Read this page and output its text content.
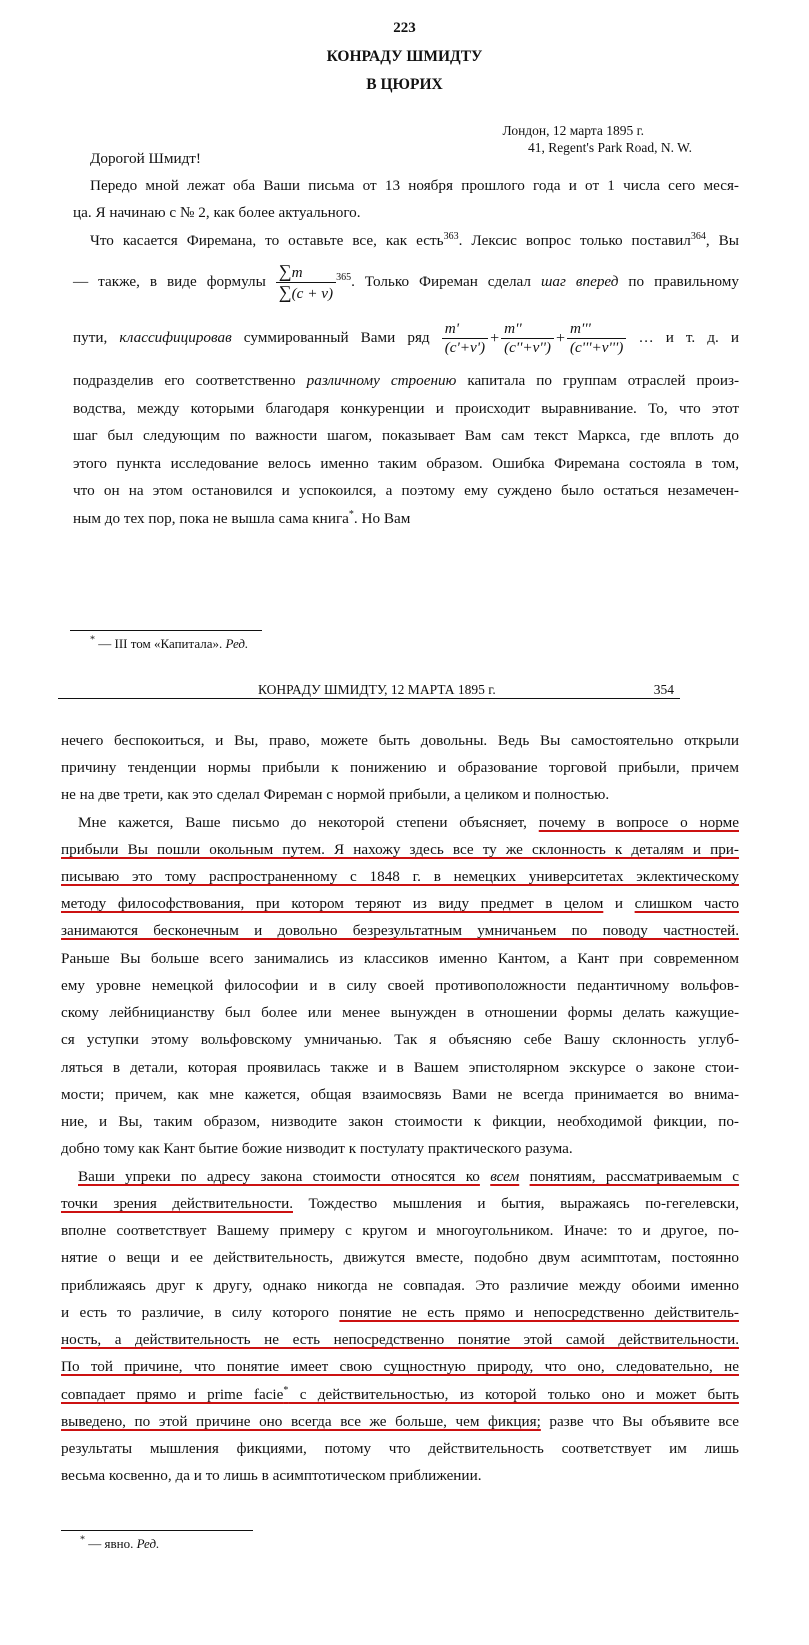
223
КОНРАДУ ШМИДТУ
В ЦЮРИХ
Лондон, 12 марта 1895 г.
41, Regent's Park Road, N. W.
Дорогой Шмидт!
Передо мной лежат оба Ваши письма от 13 ноября прошлого года и от 1 числа сего меся-
ца. Я начинаю с № 2, как более актуального.
Что касается Фиремана, то оставьте все, как есть$^{363}$. Лексис вопрос только поставил$^{364}$, Вы
— также, в виде формулы $\frac{\sum m}{\sum(c + v)} ^{365}$. Только Фиреман сделал шаг вперед по правильному
пути, классифицировав суммированный Вами ряд $\frac{m'}{(c'+v')} + \frac{m''}{(c''+v'')} + \frac{m'''}{(c'''+v''')}$ … и т. д. и
подразделив его соответственно различному строению капитала по группам отраслей произ-
водства, между которыми благодаря конкуренции и происходит выравнивание. То, что этот
шаг был следующим по важности шагом, показывает Вам сам текст Маркса, где вплоть до
этого пункта исследование велось именно таким образом. Ошибка Фиремана состояла в том,
что он на этом остановился и успокоился, а поэтому ему суждено было остаться незамечен-
ным до тех пор, пока не вышла сама книга*. Но Вам
* — III том «Капитала». Ред.
КОНРАДУ ШМИДТУ, 12 МАРТА 1895 г.	354
нечего беспокоиться, и Вы, право, можете быть довольны. Ведь Вы самостоятельно открыли
причину тенденции нормы прибыли к понижению и образование торговой прибыли, причем
не на две трети, как это сделал Фиреман с нормой прибыли, а целиком и полностью.
Мне кажется, Ваше письмо до некоторой степени объясняет, почему в вопросе о норме
прибыли Вы пошли окольным путем. Я нахожу здесь все ту же склонность к деталям и при-
писываю это тому распространенному с 1848 г. в немецких университетах эклектическому
методу философствования, при котором теряют из виду предмет в целом и слишком часто
занимаются бесконечным и довольно безрезультатным умничаньем по поводу частностей.
Раньше Вы больше всего занимались из классиков именно Кантом, а Кант при современном
ему уровне немецкой философии и в силу своей противоположности педантичному вольфов-
скому лейбницианству был более или менее вынужден в отношении формы делать кажущие-
ся уступки этому вольфовскому умничанью. Так я объясняю себе Вашу склонность углуб-
ляться в детали, которая проявилась также и в Вашем эпистолярном экскурсе о законе стои-
мости; причем, как мне кажется, общая взаимосвязь Вами не всегда принимается во внима-
ние, и Вы, таким образом, низводите закон стоимости к фикции, необходимой фикции, по-
добно тому как Кант бытие божие низводит к постулату практического разума.
Ваши упреки по адресу закона стоимости относятся ко всем понятиям, рассматриваемым с
точки зрения действительности. Тождество мышления и бытия, выражаясь по-гегелевски,
вполне соответствует Вашему примеру с кругом и многоугольником. Иначе: то и другое, по-
нятие о вещи и ее действительность, движутся вместе, подобно двум асимптотам, постоянно
приближаясь друг к другу, однако никогда не совпадая. Это различие между обоими именно
и есть то различие, в силу которого понятие не есть прямо и непосредственно действитель-
ность, а действительность не есть непосредственно понятие этой самой действительности.
По той причине, что понятие имеет свою сущностную природу, что оно, следовательно, не
совпадает прямо и prime facie* с действительностью, из которой только оно и может быть
выведено, по этой причине оно всегда все же больше, чем фикция; разве что Вы объявите все
результаты мышления фикциями, потому что действительность соответствует им лишь
весьма косвенно, да и то лишь в асимптотическом приближении.
* — явно. Ред.
